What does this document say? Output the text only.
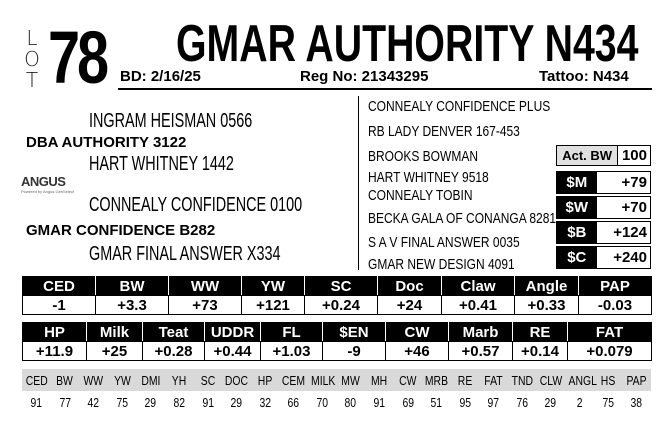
L
O
T 78 GMAR AUTHORITY N434
BD: 2/16/25	Reg No: 21343295	Tattoo: N434
INGRAM HEISMAN 0566
DBA AUTHORITY 3122
HART WHITNEY 1442
CONNEALY CONFIDENCE 0100
GMAR CONFIDENCE B282
GMAR FINAL ANSWER X334
ANGUS
Powered by Angus GenSelect
CONNEALY CONFIDENCE PLUS
RB LADY DENVER 167-453
BROOKS BOWMAN
HART WHITNEY 9518
CONNEALY TOBIN
BECKA GALA OF CONANGA 8281
S A V FINAL ANSWER 0035
GMAR NEW DESIGN 4091
Act. BW 100
$M	+79
$W	+70
$B	+124
$C	+240
CED	BW	WW	YW	SC	Doc	Claw	Angle	PAP
-1	+3.3	+73	+121	+0.24	+24	+0.41	+0.33	-0.03
HP	Milk	Teat	UDDR	FL	$EN	CW	Marb	RE	FAT
+11.9	+25	+0.28	+0.44	+1.03	-9	+46	+0.57	+0.14	+0.079
CED	BW	WW	YW	DMI	YH	SC	DOC	HP	CEM	MILK	MW	MH	CW	MRB	RE	FAT	TND	CLW	ANGL	HS	PAP
91	77	42	75	29	82	91	29	32	66	70	80	91	69	51	95	97	76	29	2	75	38
